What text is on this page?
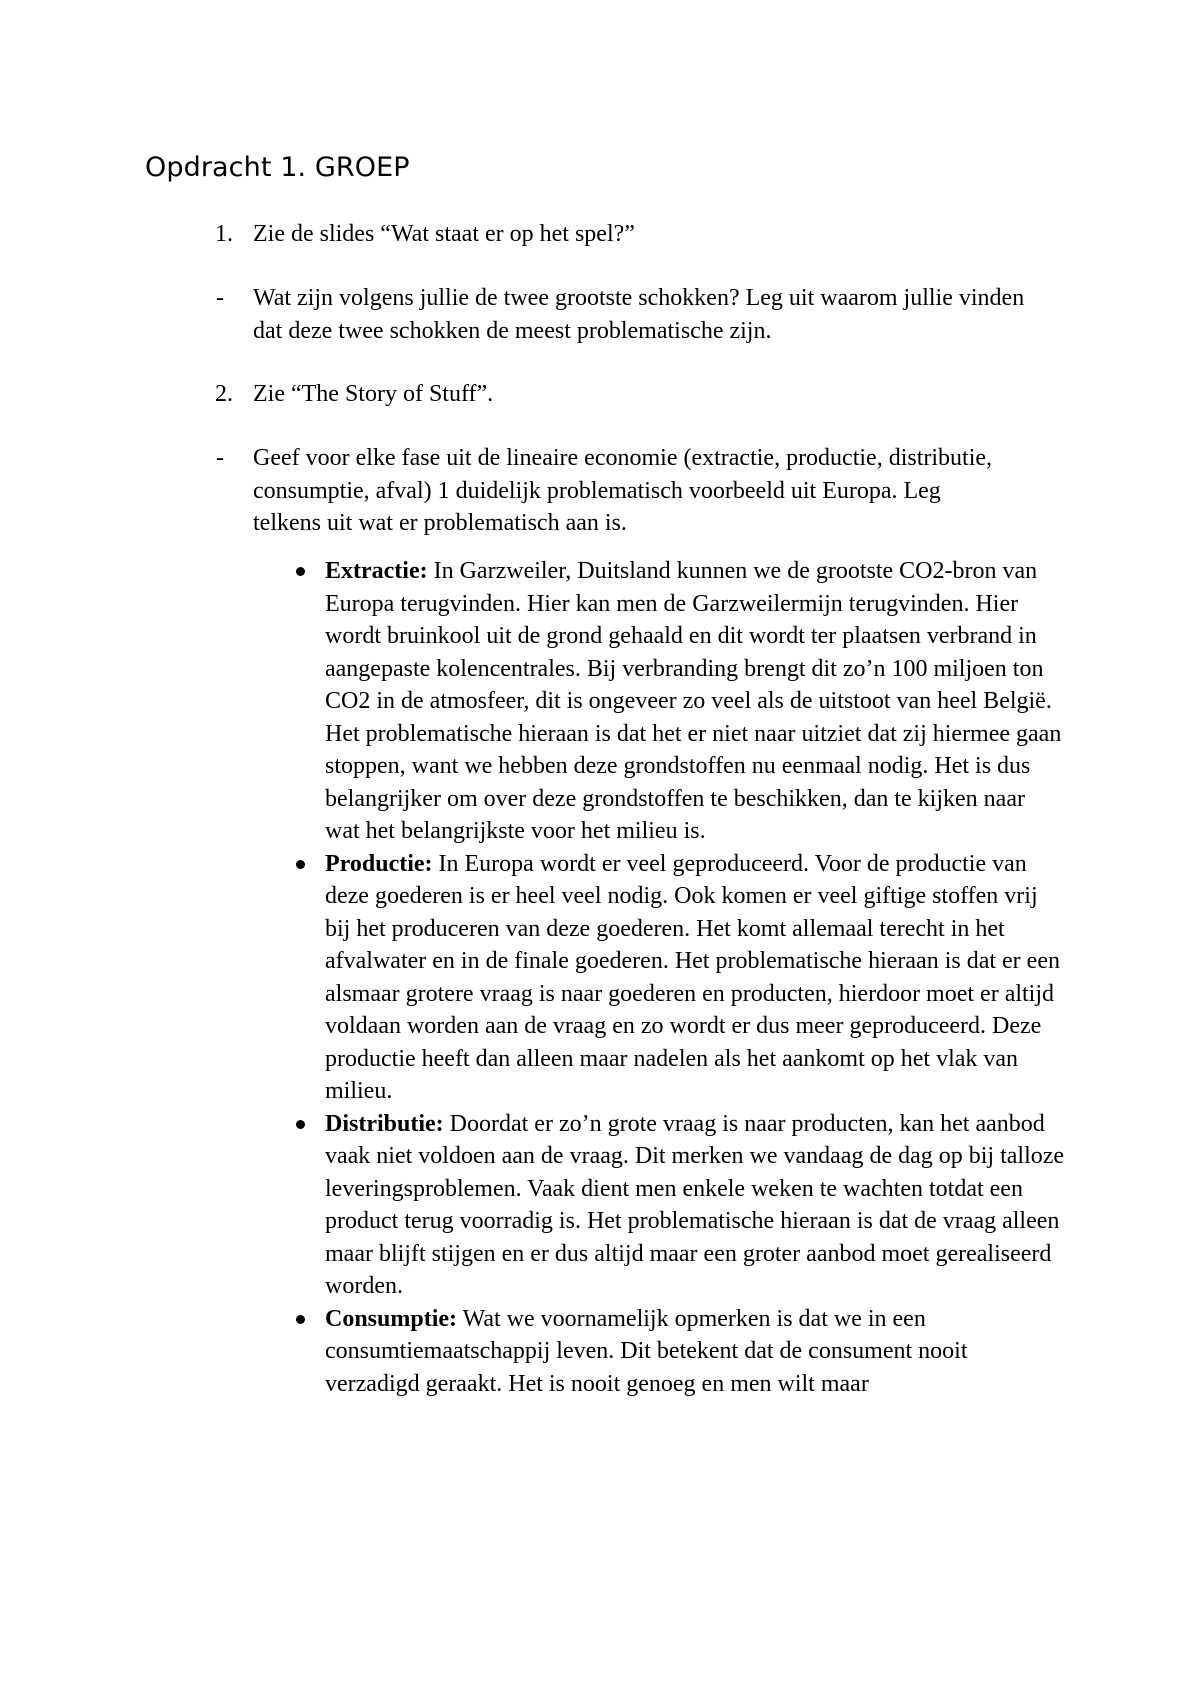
Opdracht 1. GROEP
1. Zie de slides “Wat staat er op het spel?”
- Wat zijn volgens jullie de twee grootste schokken? Leg uit waarom jullie vinden dat deze twee schokken de meest problematische zijn.
2. Zie “The Story of Stuff”.
- Geef voor elke fase uit de lineaire economie (extractie, productie, distributie, consumptie, afval) 1 duidelijk problematisch voorbeeld uit Europa. Leg telkens uit wat er problematisch aan is.
Extractie: In Garzweiler, Duitsland kunnen we de grootste CO2-bron van Europa terugvinden. Hier kan men de Garzweilermijn terugvinden. Hier wordt bruinkool uit de grond gehaald en dit wordt ter plaatsen verbrand in aangepaste kolencentrales. Bij verbranding brengt dit zo’n 100 miljoen ton CO2 in de atmosfeer, dit is ongeveer zo veel als de uitstoot van heel België. Het problematische hieraan is dat het er niet naar uitziet dat zij hiermee gaan stoppen, want we hebben deze grondstoffen nu eenmaal nodig. Het is dus belangrijker om over deze grondstoffen te beschikken, dan te kijken naar wat het belangrijkste voor het milieu is.
Productie: In Europa wordt er veel geproduceerd. Voor de productie van deze goederen is er heel veel nodig. Ook komen er veel giftige stoffen vrij bij het produceren van deze goederen. Het komt allemaal terecht in het afvalwater en in de finale goederen. Het problematische hieraan is dat er een alsmaar grotere vraag is naar goederen en producten, hierdoor moet er altijd voldaan worden aan de vraag en zo wordt er dus meer geproduceerd. Deze productie heeft dan alleen maar nadelen als het aankomt op het vlak van milieu.
Distributie: Doordat er zo’n grote vraag is naar producten, kan het aanbod vaak niet voldoen aan de vraag. Dit merken we vandaag de dag op bij talloze leveringsproblemen. Vaak dient men enkele weken te wachten totdat een product terug voorradig is. Het problematische hieraan is dat de vraag alleen maar blijft stijgen en er dus altijd maar een groter aanbod moet gerealiseerd worden.
Consumptie: Wat we voornamelijk opmerken is dat we in een consumtiemaatschappij leven. Dit betekent dat de consument nooit verzadigd geraakt. Het is nooit genoeg en men wilt maar
